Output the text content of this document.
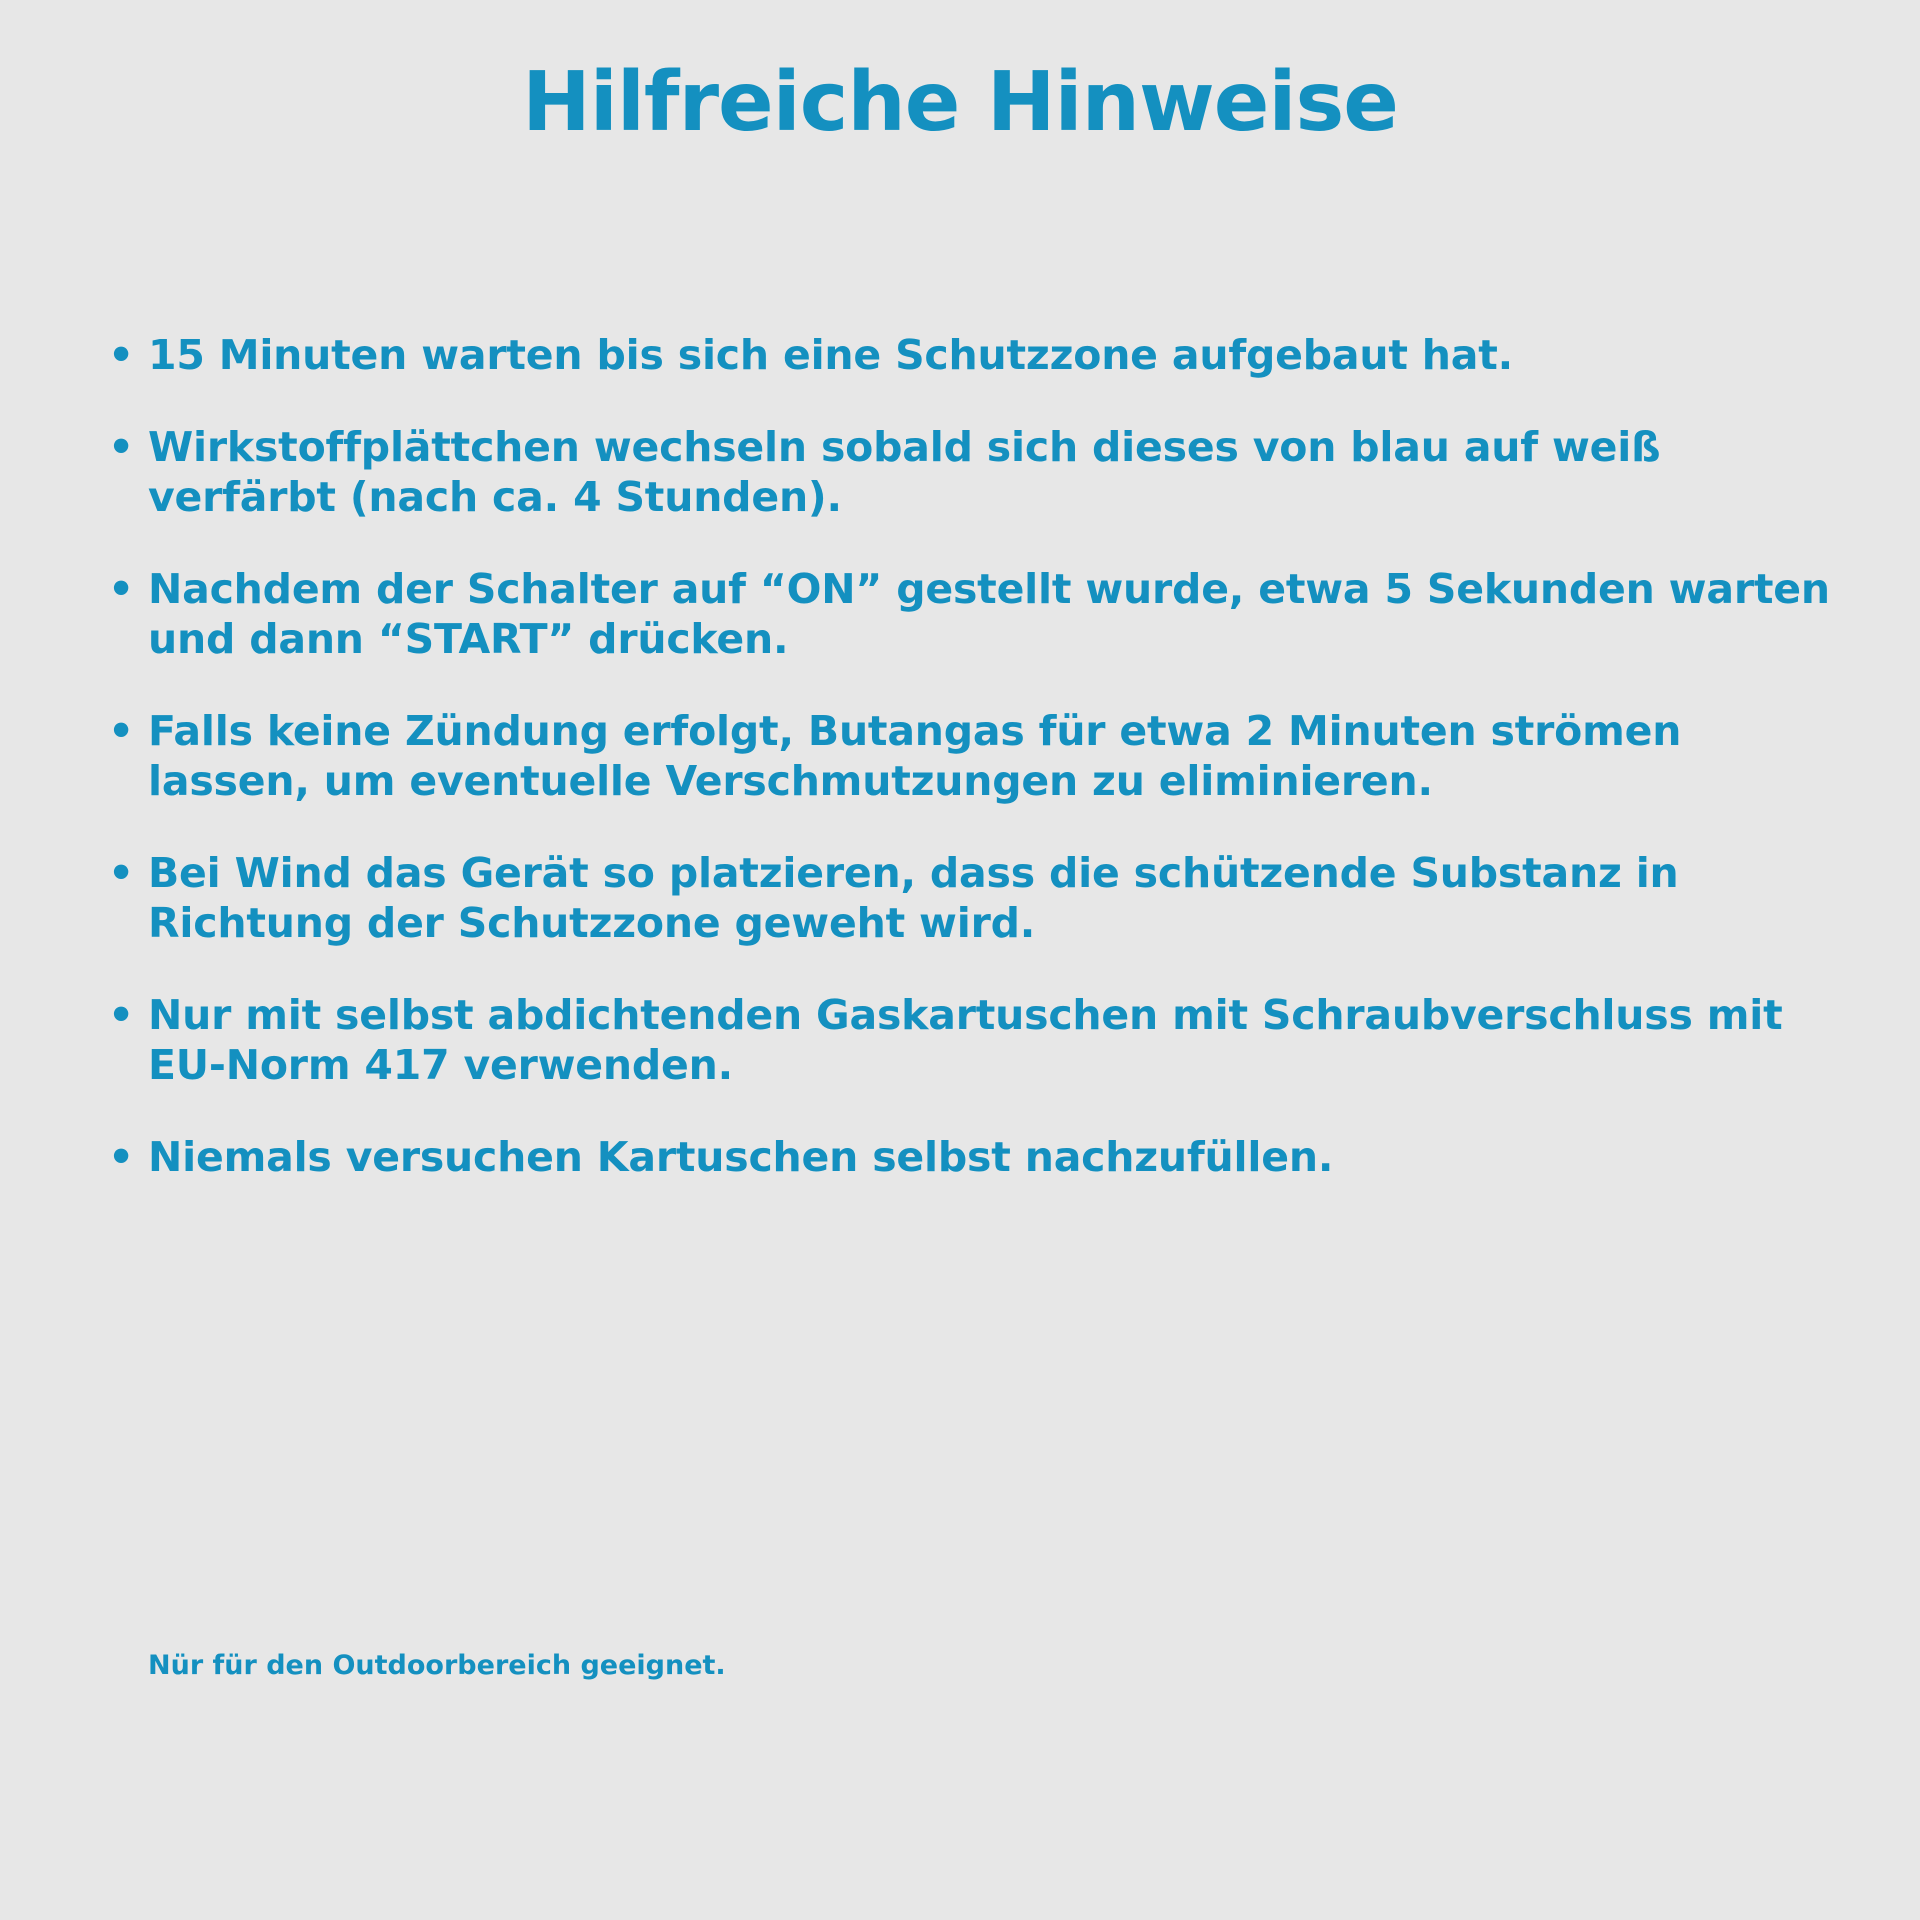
Hilfreiche Hinweise
• 15 Minuten warten bis sich eine Schutzzone aufgebaut hat.
• Wirkstoffplättchen wechseln sobald sich dieses von blau auf weiß verfärbt (nach ca. 4 Stunden).
• Nachdem der Schalter auf “ON” gestellt wurde, etwa 5 Sekunden warten und dann “START” drücken.
• Falls keine Zündung erfolgt, Butangas für etwa 2 Minuten strömen lassen, um eventuelle Verschmutzungen zu eliminieren.
• Bei Wind das Gerät so platzieren, dass die schützende Substanz in Richtung der Schutzzone geweht wird.
• Nur mit selbst abdichtenden Gaskartuschen mit Schraubverschluss mit EU-Norm 417 verwenden.
• Niemals versuchen Kartuschen selbst nachzufüllen.
Nür für den Outdoorbereich geeignet.
